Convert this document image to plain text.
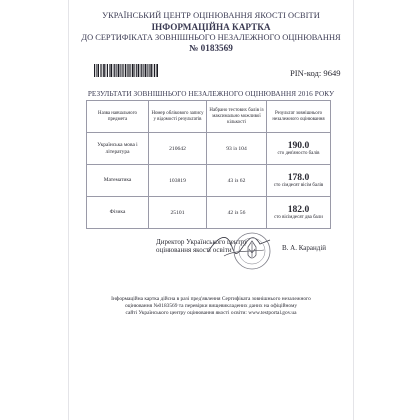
УКРАЇНСЬКИЙ ЦЕНТР ОЦІНЮВАННЯ ЯКОСТІ ОСВІТИ
ІНФОРМАЦІЙНА КАРТКА
ДО СЕРТИФІКАТА ЗОВНІШНЬОГО НЕЗАЛЕЖНОГО ОЦІНЮВАННЯ
№ 0183569
PIN-код: 9649
РЕЗУЛЬТАТИ ЗОВНІШНЬОГО НЕЗАЛЕЖНОГО ОЦІНЮВАННЯ 2016 РОКУ
Назва навчального предмета	Номер облікового запису у відомості результатів	Набрано тестових балів із максимально можливої кількості	Результат зовнішнього незалежного оцінювання
Українська мова і література	210642	93 із 104	190.0
сто дев'яносто балів

Математика	103819	43 із 62	178.0
сто сімдесят вісім балів

Фізика	25101	42 із 56	182.0
сто вісімдесят два бали
Директор Українського центру
оцінювання якості освіти	В. А. Карандій
Інформаційна картка дійсна в разі пред'явлення Сертифіката зовнішнього незалежного
оцінювання №0183569 та перевірки вищевикладених даних на офіційному
сайті Українського центру оцінювання якості освіти: www.testportal.gov.ua
